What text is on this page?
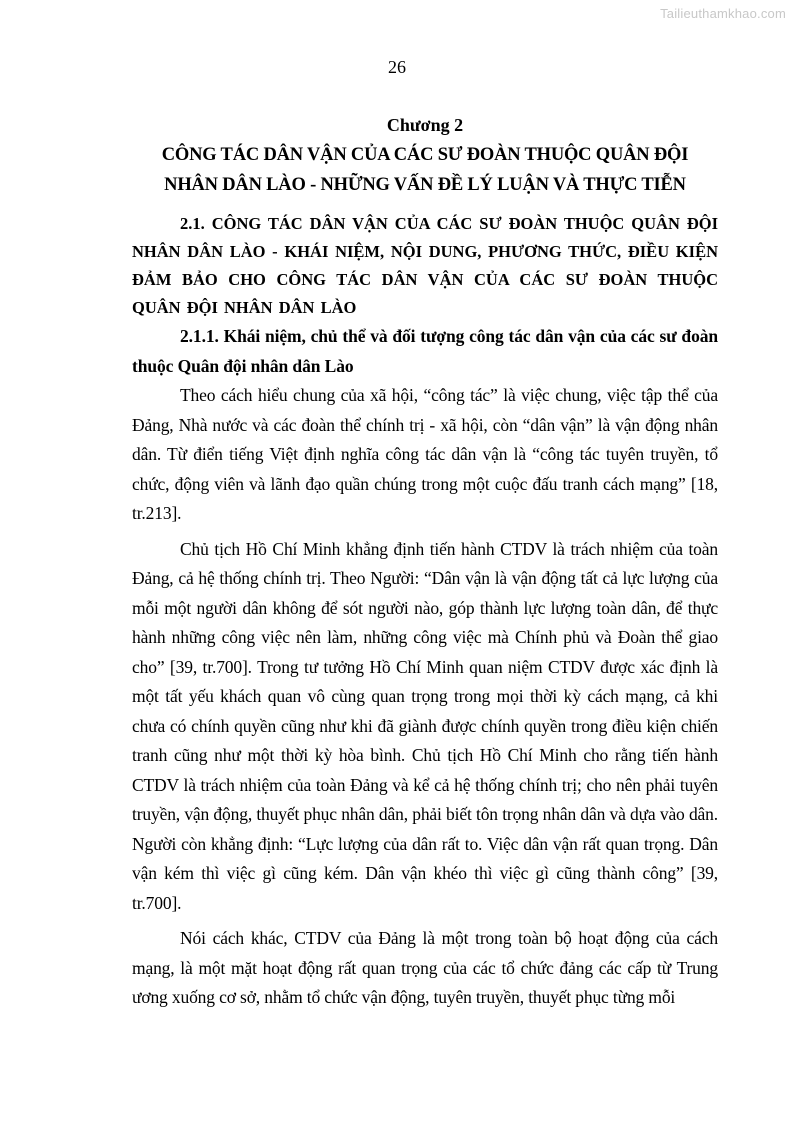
Tailieuthamkhao.com
26

Chương 2

CÔNG TÁC DÂN VẬN CỦA CÁC SƯ ĐOÀN THUỘC QUÂN ĐỘI

NHÂN DÂN LÀO - NHỮNG VẤN ĐỀ LÝ LUẬN VÀ THỰC TIỄN

2.1. CÔNG TÁC DÂN VẬN CỦA CÁC SƯ ĐOÀN THUỘC QUÂN ĐỘI NHÂN DÂN LÀO - KHÁI NIỆM, NỘI DUNG, PHƯƠNG THỨC, ĐIỀU KIỆN ĐẢM BẢO CHO CÔNG TÁC DÂN VẬN CỦA CÁC SƯ ĐOÀN THUỘC QUÂN ĐỘI NHÂN DÂN LÀO

2.1.1. Khái niệm, chủ thể và đối tượng công tác dân vận của các sư đoàn thuộc Quân đội nhân dân Lào

Theo cách hiểu chung của xã hội, “công tác” là việc chung, việc tập thể của Đảng, Nhà nước và các đoàn thể chính trị - xã hội, còn “dân vận” là vận động nhân dân. Từ điển tiếng Việt định nghĩa công tác dân vận là “công tác tuyên truyền, tổ chức, động viên và lãnh đạo quần chúng trong một cuộc đấu tranh cách mạng” [18, tr.213].

Chủ tịch Hồ Chí Minh khẳng định tiến hành CTDV là trách nhiệm của toàn Đảng, cả hệ thống chính trị. Theo Người: “Dân vận là vận động tất cả lực lượng của mỗi một người dân không để sót người nào, góp thành lực lượng toàn dân, để thực hành những công việc nên làm, những công việc mà Chính phủ và Đoàn thể giao cho” [39, tr.700]. Trong tư tưởng Hồ Chí Minh quan niệm CTDV được xác định là một tất yếu khách quan vô cùng quan trọng trong mọi thời kỳ cách mạng, cả khi chưa có chính quyền cũng như khi đã giành được chính quyền trong điều kiện chiến tranh cũng như một thời kỳ hòa bình. Chủ tịch Hồ Chí Minh cho rằng tiến hành CTDV là trách nhiệm của toàn Đảng và kể cả hệ thống chính trị; cho nên phải tuyên truyền, vận động, thuyết phục nhân dân, phải biết tôn trọng nhân dân và dựa vào dân. Người còn khẳng định: “Lực lượng của dân rất to. Việc dân vận rất quan trọng. Dân vận kém thì việc gì cũng kém. Dân vận khéo thì việc gì cũng thành công” [39, tr.700].

Nói cách khác, CTDV của Đảng là một trong toàn bộ hoạt động của cách mạng, là một mặt hoạt động rất quan trọng của các tổ chức đảng các cấp từ Trung ương xuống cơ sở, nhằm tổ chức vận động, tuyên truyền, thuyết phục từng mỗi
